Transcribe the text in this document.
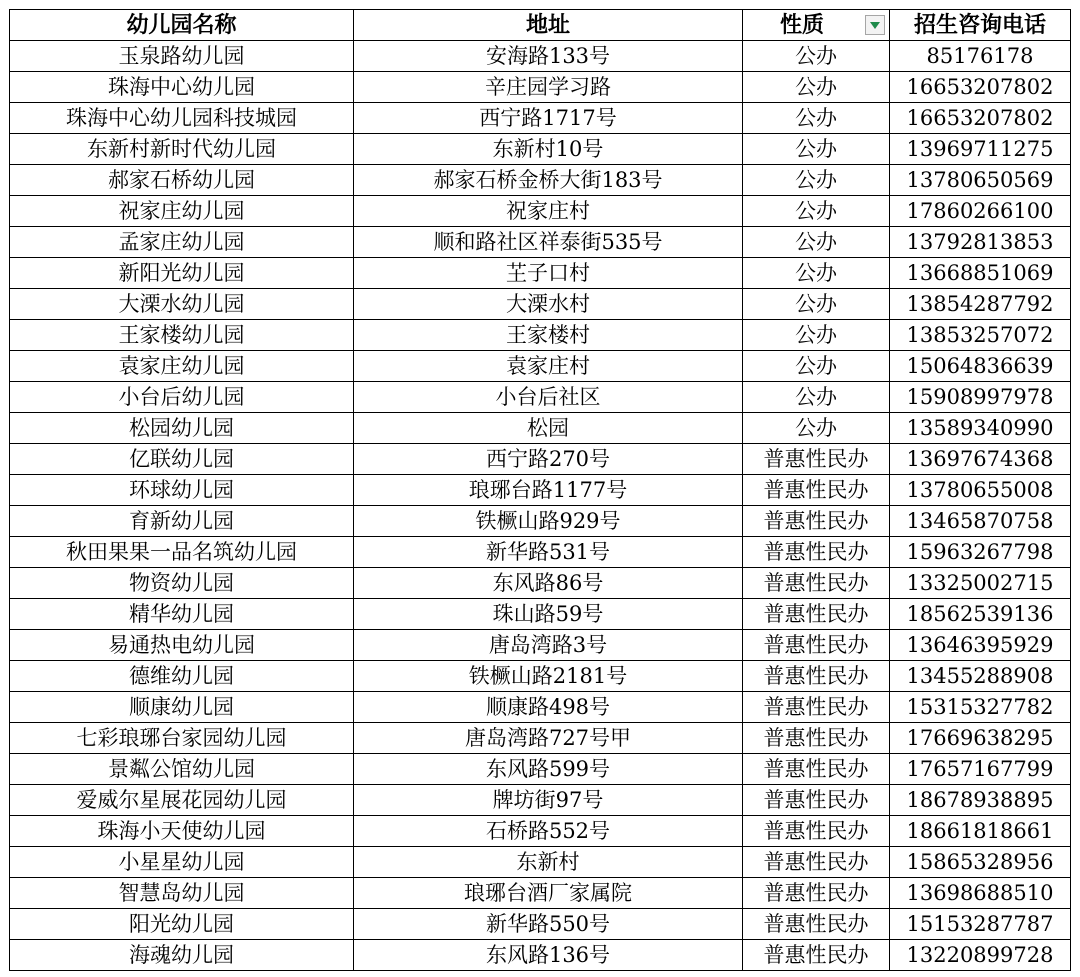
幼儿园名称	地址	性质	招生咨询电话
玉泉路幼儿园	安海路133号	公办	85176178
珠海中心幼儿园	辛庄园学习路	公办	16653207802
珠海中心幼儿园科技城园	西宁路1717号	公办	16653207802
东新村新时代幼儿园	东新村10号	公办	13969711275
郝家石桥幼儿园	郝家石桥金桥大街183号	公办	13780650569
祝家庄幼儿园	祝家庄村	公办	17860266100
孟家庄幼儿园	顺和路社区祥泰街535号	公办	13792813853
新阳光幼儿园	芏子口村	公办	13668851069
大溧水幼儿园	大溧水村	公办	13854287792
王家楼幼儿园	王家楼村	公办	13853257072
袁家庄幼儿园	袁家庄村	公办	15064836639
小台后幼儿园	小台后社区	公办	15908997978
松园幼儿园	松园	公办	13589340990
亿联幼儿园	西宁路270号	普惠性民办	13697674368
环球幼儿园	琅琊台路1177号	普惠性民办	13780655008
育新幼儿园	铁橛山路929号	普惠性民办	13465870758
秋田果果一品名筑幼儿园	新华路531号	普惠性民办	15963267798
物资幼儿园	东风路86号	普惠性民办	13325002715
精华幼儿园	珠山路59号	普惠性民办	18562539136
易通热电幼儿园	唐岛湾路3号	普惠性民办	13646395929
德维幼儿园	铁橛山路2181号	普惠性民办	13455288908
顺康幼儿园	顺康路498号	普惠性民办	15315327782
七彩琅琊台家园幼儿园	唐岛湾路727号甲	普惠性民办	17669638295
景粼公馆幼儿园	东风路599号	普惠性民办	17657167799
爱威尔星展花园幼儿园	牌坊街97号	普惠性民办	18678938895
珠海小天使幼儿园	石桥路552号	普惠性民办	18661818661
小星星幼儿园	东新村	普惠性民办	15865328956
智慧岛幼儿园	琅琊台酒厂家属院	普惠性民办	13698688510
阳光幼儿园	新华路550号	普惠性民办	15153287787
海魂幼儿园	东风路136号	普惠性民办	13220899728
